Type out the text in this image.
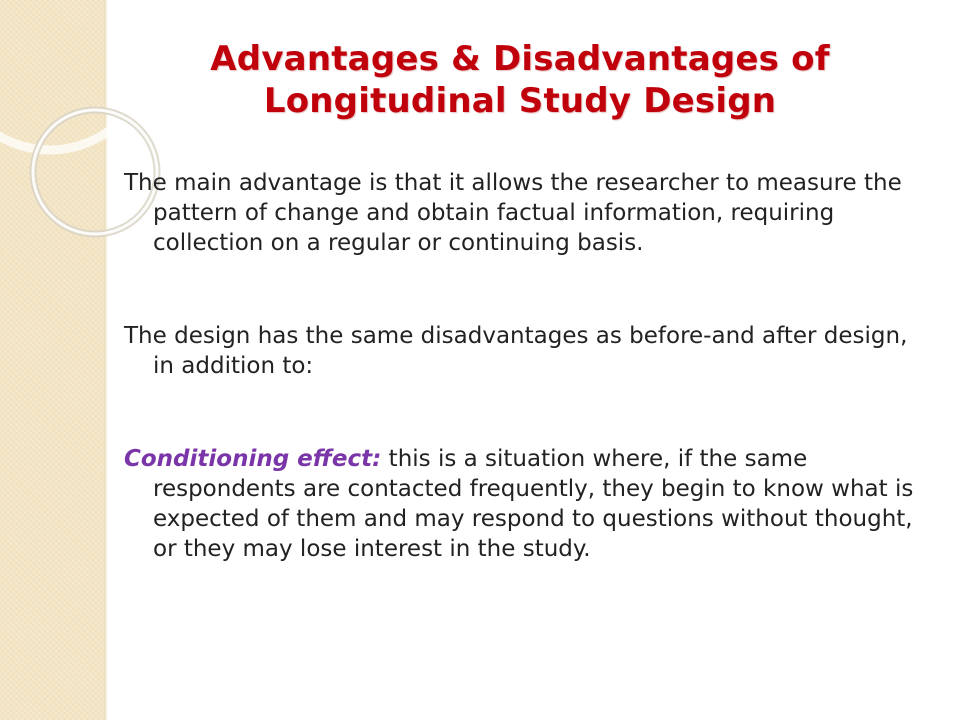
Advantages & Disadvantages of
Longitudinal Study Design

The main advantage is that it allows the researcher to measure the pattern of change and obtain factual information, requiring collection on a regular or continuing basis.

The design has the same disadvantages as before-and after design, in addition to:

Conditioning effect: this is a situation where, if the same respondents are contacted frequently, they begin to know what is expected of them and may respond to questions without thought, or they may lose interest in the study.
